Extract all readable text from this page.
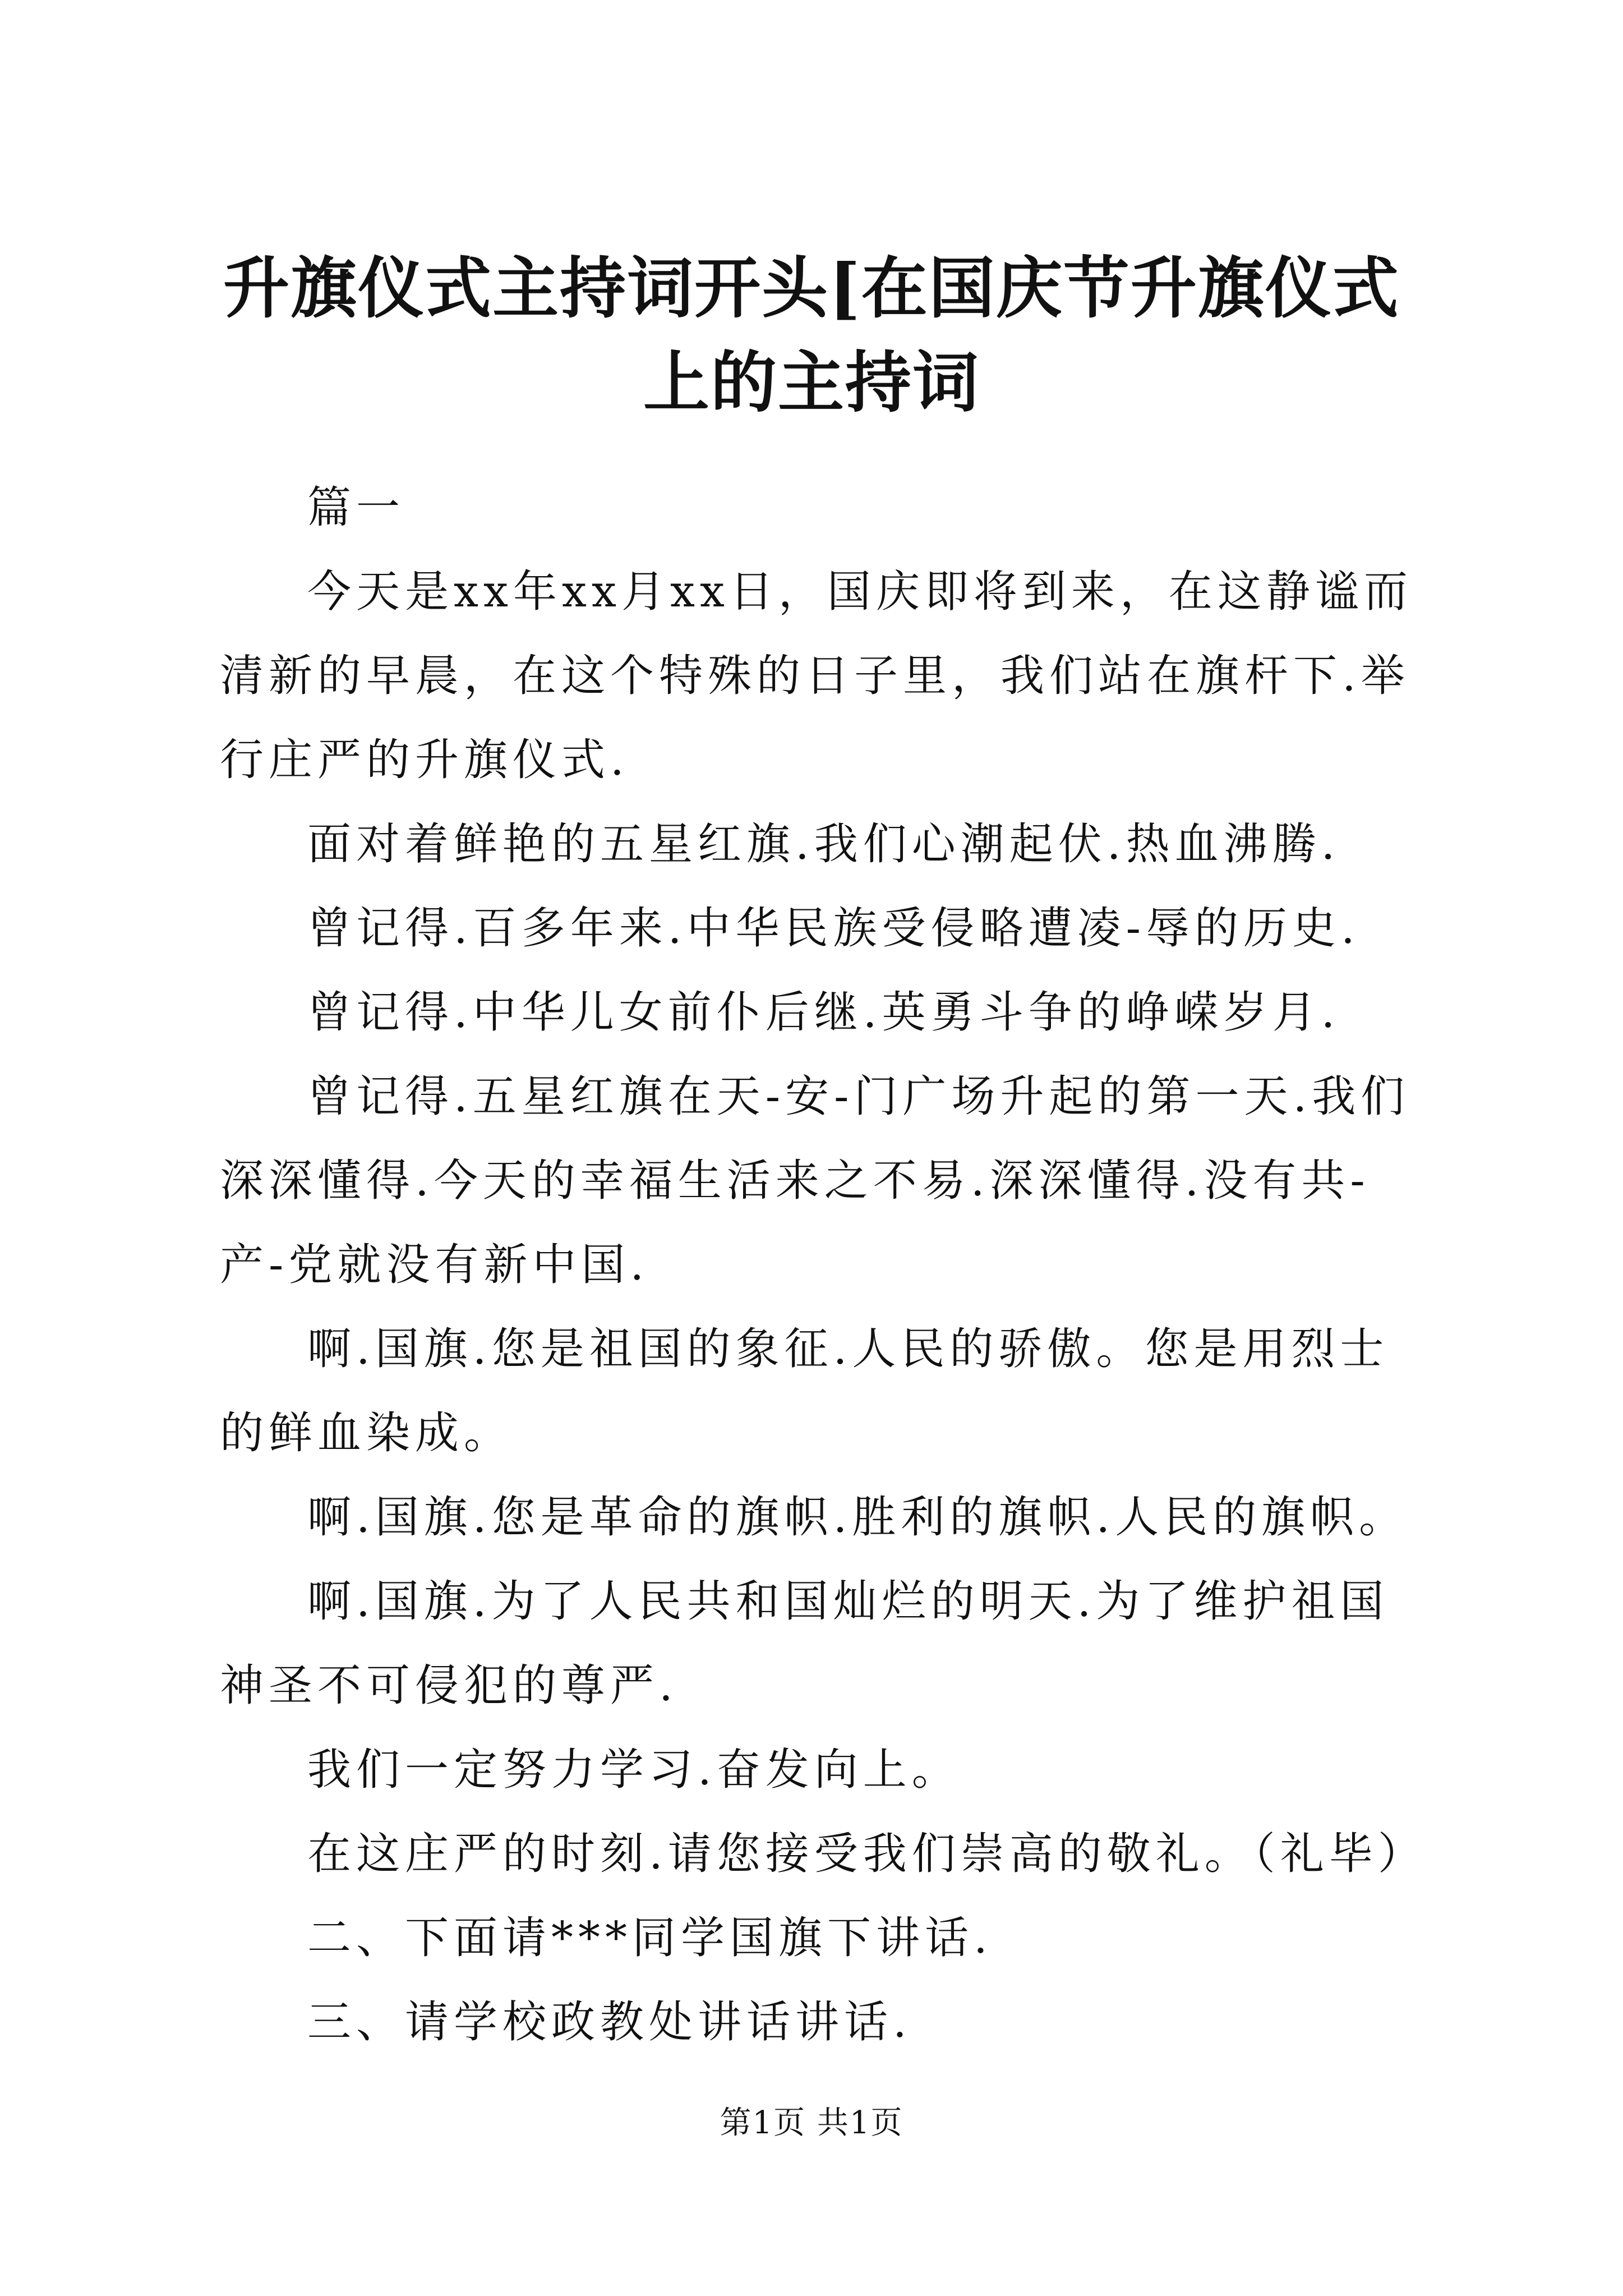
升旗仪式主持词开头[在国庆节升旗仪式上的主持词

篇一

今天是xx年xx月xx日，国庆即将到来，在这静谧而清新的早晨，在这个特殊的日子里，我们站在旗杆下.举行庄严的升旗仪式.

面对着鲜艳的五星红旗.我们心潮起伏.热血沸腾.

曾记得.百多年来.中华民族受侵略遭凌-辱的历史.

曾记得.中华儿女前仆后继.英勇斗争的峥嵘岁月.

曾记得.五星红旗在天-安-门广场升起的第一天.我们深深懂得.今天的幸福生活来之不易.深深懂得.没有共-产-党就没有新中国.

啊.国旗.您是祖国的象征.人民的骄傲。您是用烈士的鲜血染成。

啊.国旗.您是革命的旗帜.胜利的旗帜.人民的旗帜。

啊.国旗.为了人民共和国灿烂的明天.为了维护祖国神圣不可侵犯的尊严.

我们一定努力学习.奋发向上。

在这庄严的时刻.请您接受我们崇高的敬礼。（礼毕）

二、下面请***同学国旗下讲话.

三、请学校政教处讲话讲话.

第1页 共1页
